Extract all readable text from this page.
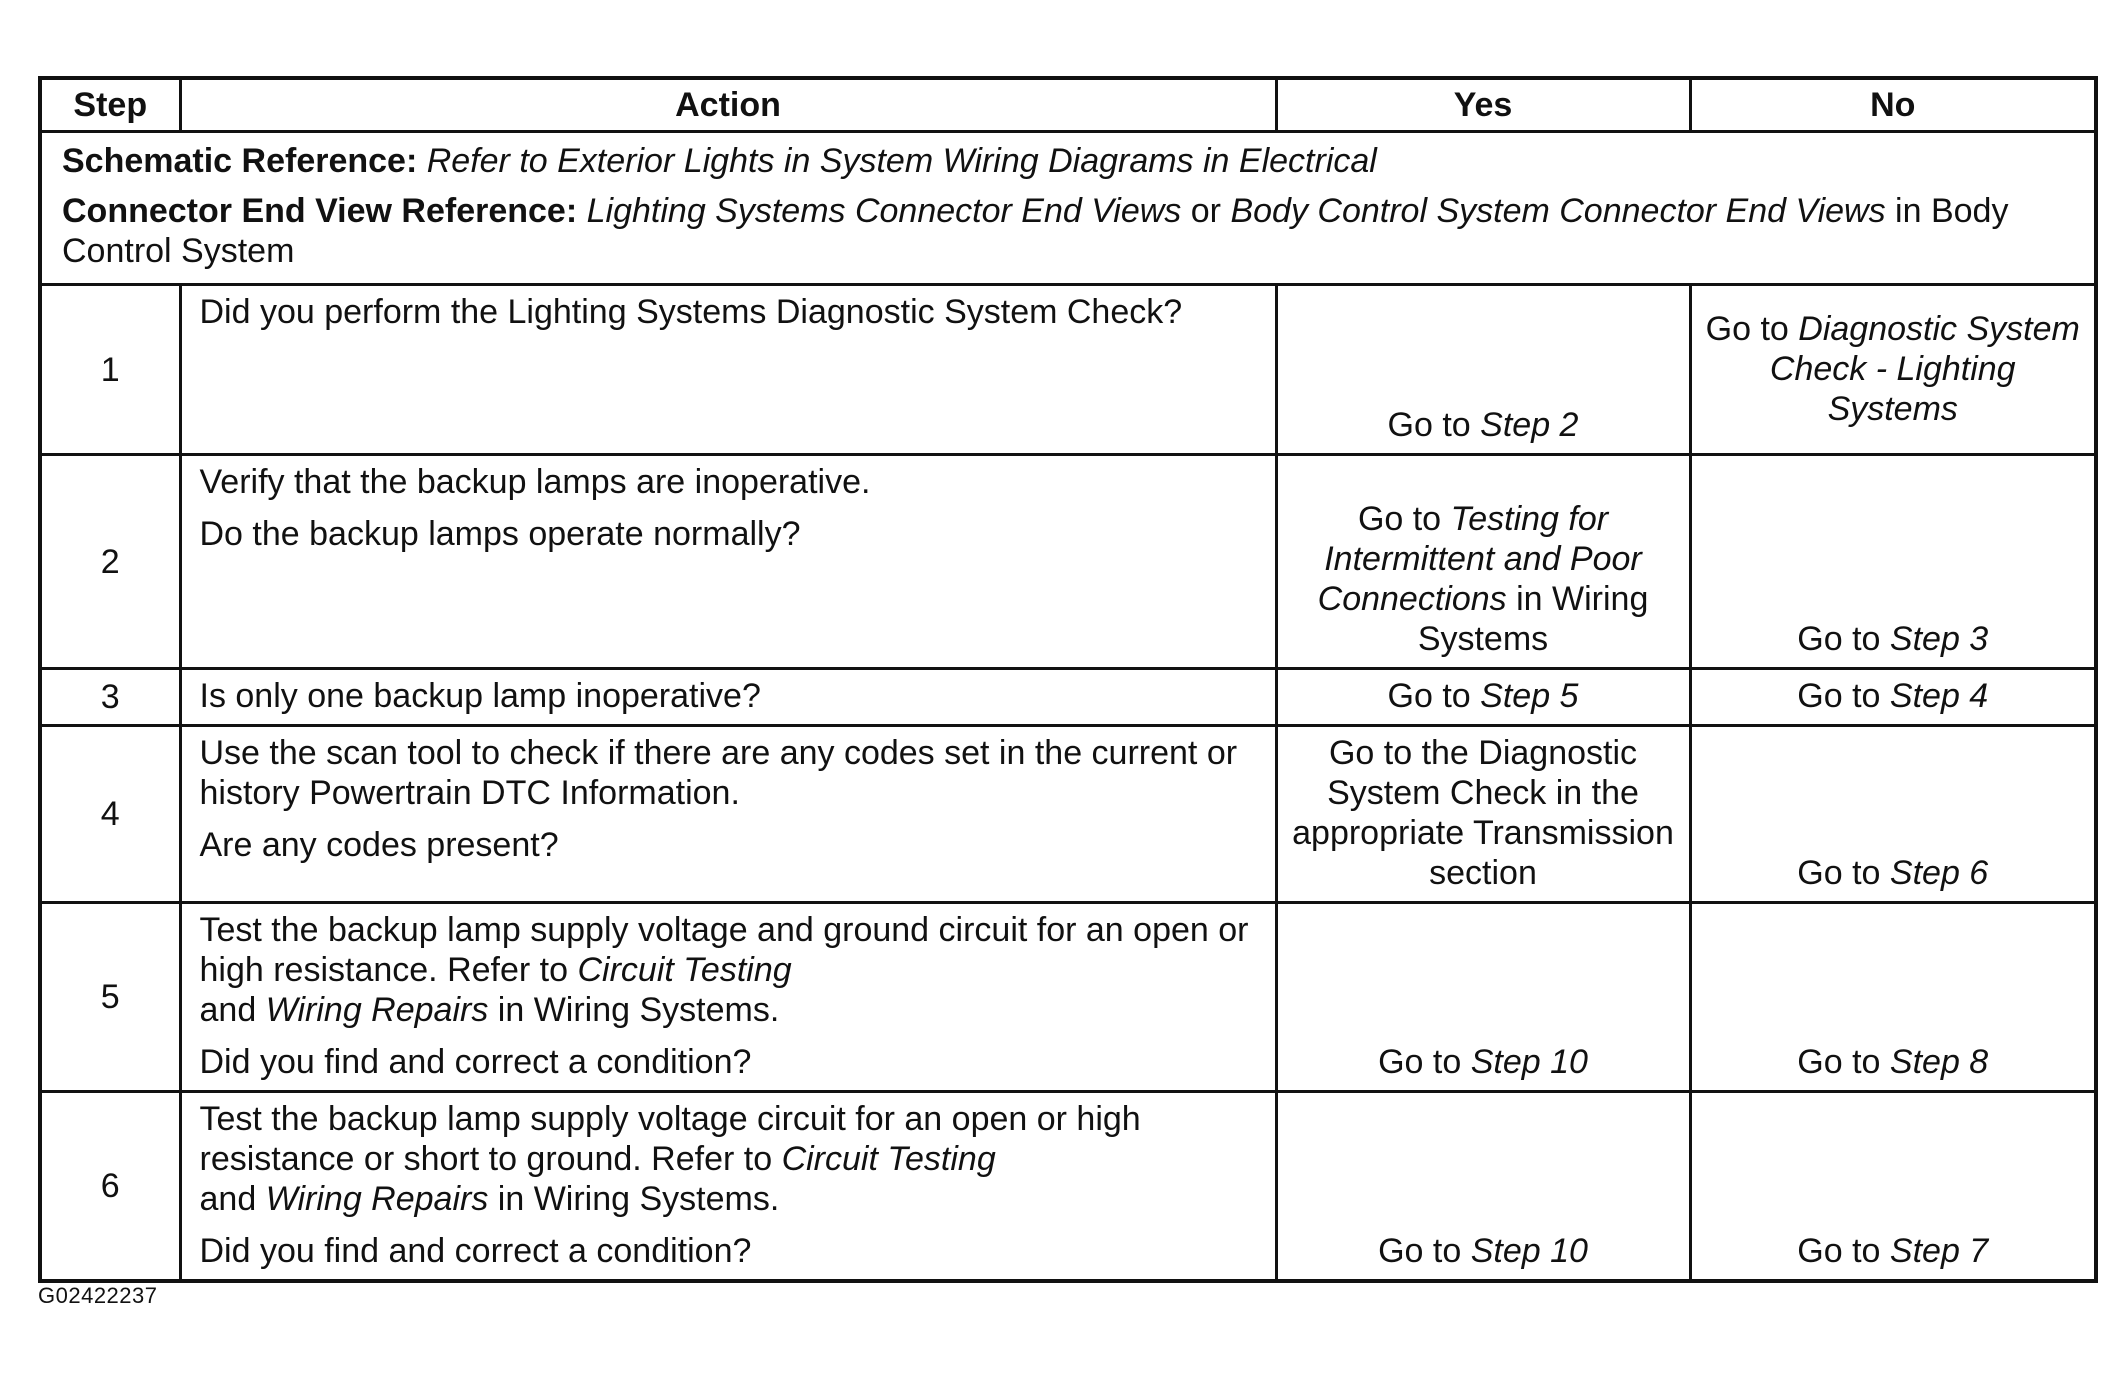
Step	Action	Yes	No

Schematic Reference: Refer to Exterior Lights in System Wiring Diagrams in Electrical
Connector End View Reference: Lighting Systems Connector End Views or Body Control System Connector End Views in Body Control System			

1	Did you perform the Lighting Systems Diagnostic System Check?	Go to Step 2	Go to Diagnostic System Check - Lighting Systems
2	Verify that the backup lamps are inoperative.

Do the backup lamps operate normally?	Go to Testing for Intermittent and Poor Connections in Wiring Systems	Go to Step 3
3	Is only one backup lamp inoperative?	Go to Step 5	Go to Step 4
4	Use the scan tool to check if there are any codes set in the current or history Powertrain DTC Information.

Are any codes present?	Go to the Diagnostic System Check in the appropriate Transmission section	Go to Step 6
5	Test the backup lamp supply voltage and ground circuit for an open or high resistance. Refer to Circuit Testing
and Wiring Repairs in Wiring Systems.

Did you find and correct a condition?	Go to Step 10	Go to Step 8
6	Test the backup lamp supply voltage circuit for an open or high resistance or short to ground. Refer to Circuit Testing
and Wiring Repairs in Wiring Systems.

Did you find and correct a condition?	Go to Step 10	Go to Step 7
G02422237
